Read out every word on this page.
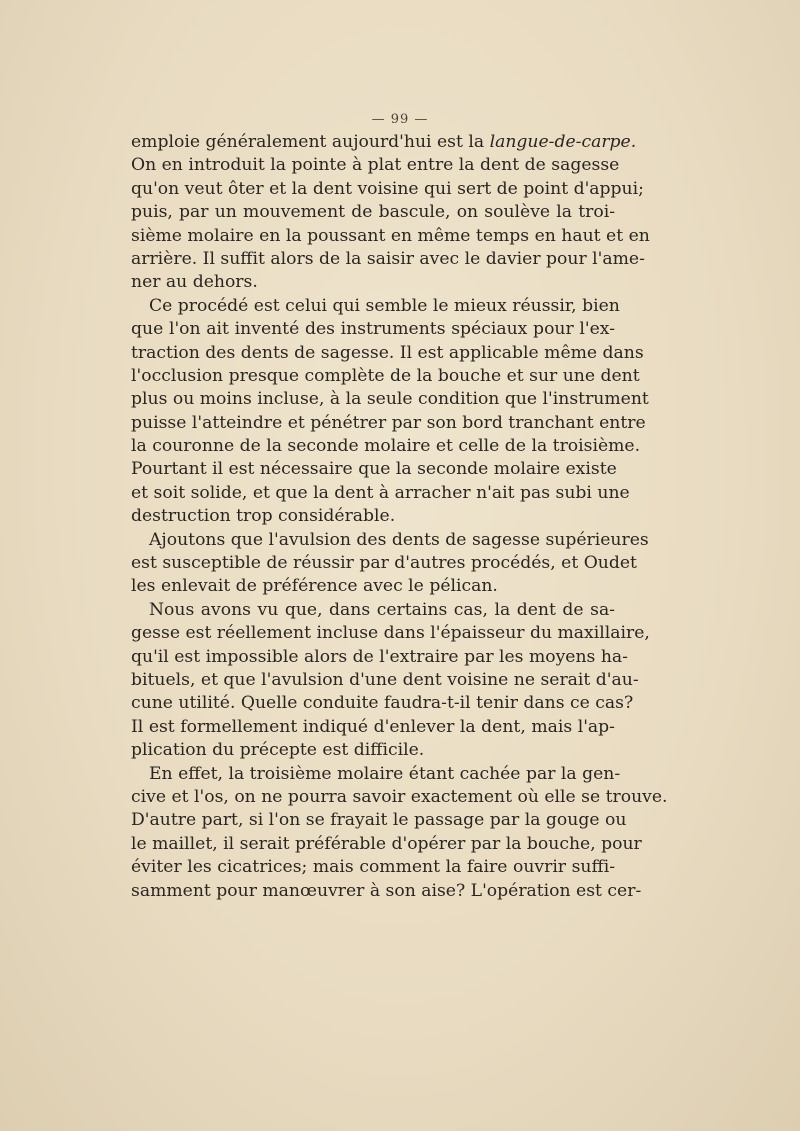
— 99 —
emploie généralement aujourd'hui est la langue-de-carpe.
On en introduit la pointe à plat entre la dent de sagesse
qu'on veut ôter et la dent voisine qui sert de point d'appui;
puis, par un mouvement de bascule, on soulève la troi-
sième molaire en la poussant en même temps en haut et en
arrière. Il suffit alors de la saisir avec le davier pour l'ame-
ner au dehors.
Ce procédé est celui qui semble le mieux réussir, bien
que l'on ait inventé des instruments spéciaux pour l'ex-
traction des dents de sagesse. Il est applicable même dans
l'occlusion presque complète de la bouche et sur une dent
plus ou moins incluse, à la seule condition que l'instrument
puisse l'atteindre et pénétrer par son bord tranchant entre
la couronne de la seconde molaire et celle de la troisième.
Pourtant il est nécessaire que la seconde molaire existe
et soit solide, et que la dent à arracher n'ait pas subi une
destruction trop considérable.
Ajoutons que l'avulsion des dents de sagesse supérieures
est susceptible de réussir par d'autres procédés, et Oudet
les enlevait de préférence avec le pélican.
Nous avons vu que, dans certains cas, la dent de sa-
gesse est réellement incluse dans l'épaisseur du maxillaire,
qu'il est impossible alors de l'extraire par les moyens ha-
bituels, et que l'avulsion d'une dent voisine ne serait d'au-
cune utilité. Quelle conduite faudra-t-il tenir dans ce cas?
Il est formellement indiqué d'enlever la dent, mais l'ap-
plication du précepte est difficile.
En effet, la troisième molaire étant cachée par la gen-
cive et l'os, on ne pourra savoir exactement où elle se trouve.
D'autre part, si l'on se frayait le passage par la gouge ou
le maillet, il serait préférable d'opérer par la bouche, pour
éviter les cicatrices; mais comment la faire ouvrir suffi-
samment pour manœuvrer à son aise? L'opération est cer-
